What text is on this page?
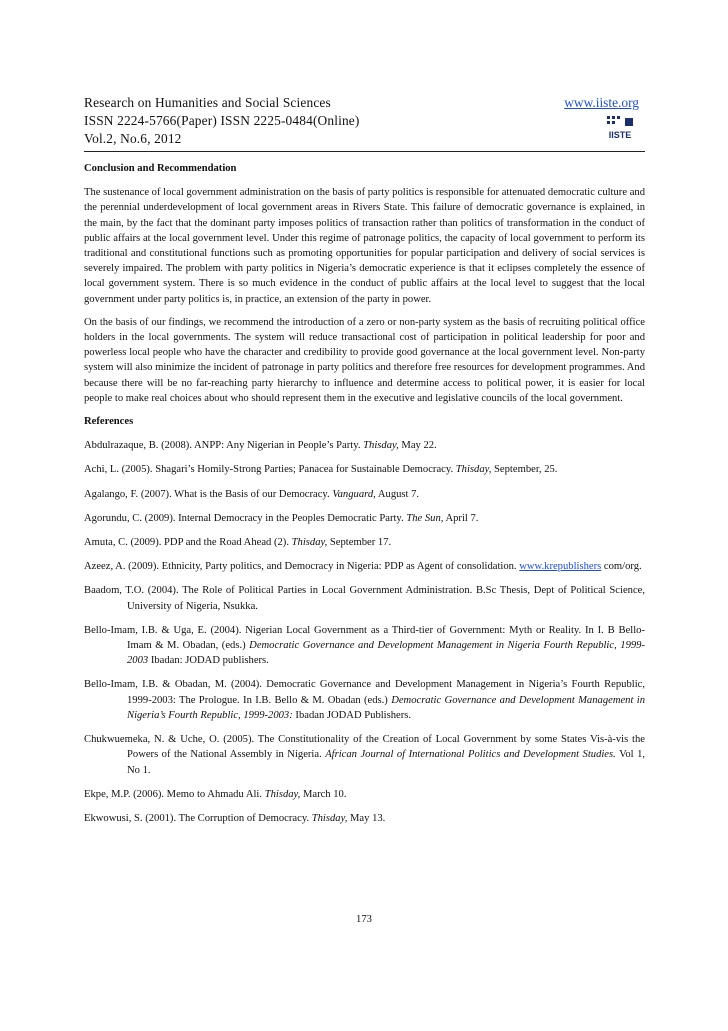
Research on Humanities and Social Sciences
ISSN 2224-5766(Paper) ISSN 2225-0484(Online)
Vol.2, No.6, 2012
www.iiste.org
IISTE
Conclusion and Recommendation

The sustenance of local government administration on the basis of party politics is responsible for attenuated democratic culture and the perennial underdevelopment of local government areas in Rivers State. This failure of democratic governance is explained, in the main, by the fact that the dominant party imposes politics of transaction rather than politics of transformation in the conduct of public affairs at the local government level. Under this regime of patronage politics, the capacity of local government to perform its traditional and constitutional functions such as promoting opportunities for popular participation and delivery of social services is severely impaired. The problem with party politics in Nigeria’s democratic experience is that it eclipses completely the essence of local government system. There is so much evidence in the conduct of public affairs at the local level to suggest that the local government under party politics is, in practice, an extension of the party in power.

On the basis of our findings, we recommend the introduction of a zero or non-party system as the basis of recruiting political office holders in the local governments. The system will reduce transactional cost of participation in political leadership for poor and powerless local people who have the character and credibility to provide good governance at the local government level. Non-party system will also minimize the incident of patronage in party politics and therefore free resources for development programmes. And because there will be no far-reaching party hierarchy to influence and determine access to political power, it is easier for local people to make real choices about who should represent them in the executive and legislative councils of the local government.

References

Abdulrazaque, B. (2008). ANPP: Any Nigerian in People’s Party. Thisday, May 22.

Achi, L. (2005). Shagari’s Homily-Strong Parties; Panacea for Sustainable Democracy. Thisday, September, 25.

Agalango, F. (2007). What is the Basis of our Democracy. Vanguard, August 7.

Agorundu, C. (2009). Internal Democracy in the Peoples Democratic Party. The Sun, April 7.

Amuta, C. (2009). PDP and the Road Ahead (2). Thisday, September 17.

Azeez, A. (2009). Ethnicity, Party politics, and Democracy in Nigeria: PDP as Agent of consolidation. www.krepublishers com/org.

Baadom, T.O. (2004). The Role of Political Parties in Local Government Administration. B.Sc Thesis, Dept of Political Science, University of Nigeria, Nsukka.

Bello-Imam, I.B. & Uga, E. (2004). Nigerian Local Government as a Third-tier of Government: Myth or Reality. In I. B Bello-Imam & M. Obadan, (eds.) Democratic Governance and Development Management in Nigeria Fourth Republic, 1999-2003 Ibadan: JODAD publishers.

Bello-Imam, I.B. & Obadan, M. (2004). Democratic Governance and Development Management in Nigeria’s Fourth Republic, 1999-2003: The Prologue. In I.B. Bello & M. Obadan (eds.) Democratic Governance and Development Management in Nigeria’s Fourth Republic, 1999-2003: Ibadan JODAD Publishers.

Chukwuemeka, N. & Uche, O. (2005). The Constitutionality of the Creation of Local Government by some States Vis-à-vis the Powers of the National Assembly in Nigeria. African Journal of International Politics and Development Studies. Vol 1, No 1.

Ekpe, M.P. (2006). Memo to Ahmadu Ali. Thisday, March 10.

Ekwowusi, S. (2001). The Corruption of Democracy. Thisday, May 13.

173
